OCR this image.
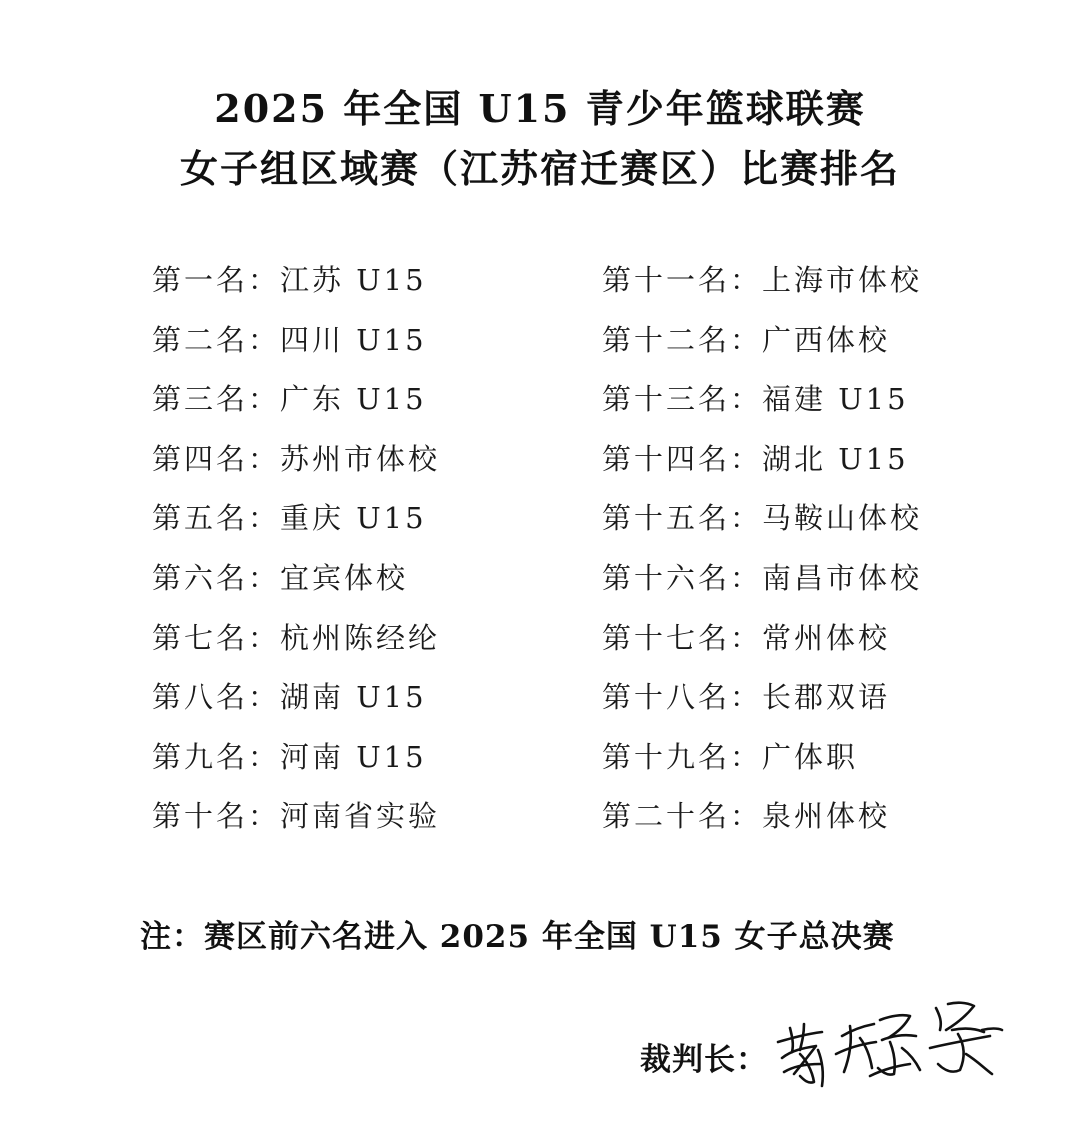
2025 年全国 U15 青少年篮球联赛
女子组区域赛（江苏宿迁赛区）比赛排名
第一名：江苏 U15
第二名：四川 U15
第三名：广东 U15
第四名：苏州市体校
第五名：重庆 U15
第六名：宜宾体校
第七名：杭州陈经纶
第八名：湖南 U15
第九名：河南 U15
第十名：河南省实验
第十一名：上海市体校
第十二名：广西体校
第十三名：福建 U15
第十四名：湖北 U15
第十五名：马鞍山体校
第十六名：南昌市体校
第十七名：常州体校
第十八名：长郡双语
第十九名：广体职
第二十名：泉州体校
注：赛区前六名进入 2025 年全国 U15 女子总决赛
裁判长：
